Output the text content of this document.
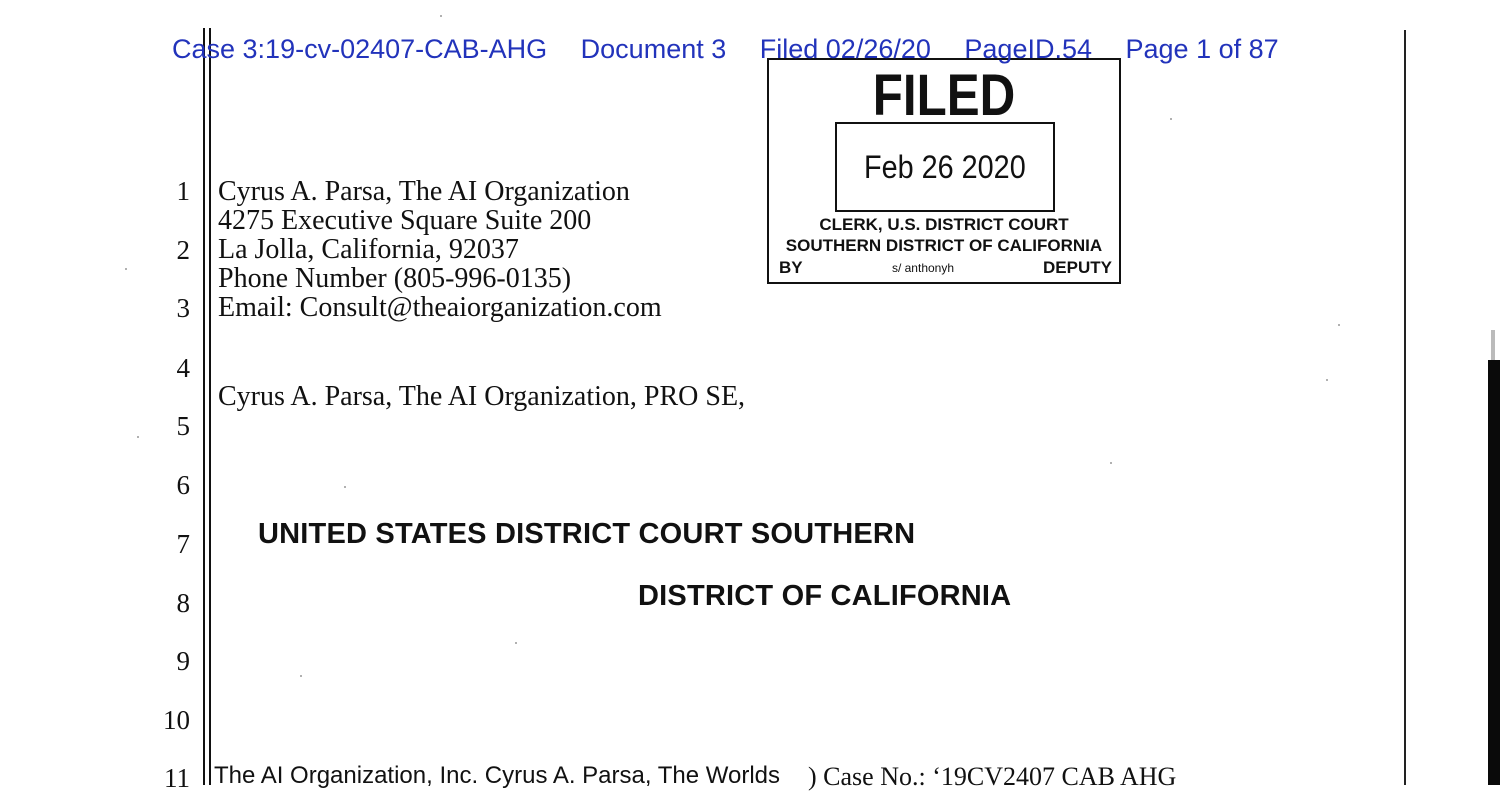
Case 3:19-cv-02407-CAB-AHG Document 3 Filed 02/26/20 PageID.54 Page 1 of 87
FILED
Feb 26 2020
CLERK, U.S. DISTRICT COURT
SOUTHERN DISTRICT OF CALIFORNIA
BY	s/ anthonyh	DEPUTY
1
2
3
4
5
6
7
8
9
10
11
Cyrus A. Parsa, The AI Organization
4275 Executive Square Suite 200
La Jolla, California, 92037
Phone Number (805-996-0135)
Email: Consult@theaiorganization.com
Cyrus A. Parsa, The AI Organization, PRO SE,
UNITED STATES DISTRICT COURT SOUTHERN
DISTRICT OF CALIFORNIA
The AI Organization, Inc. Cyrus A. Parsa, The Worlds ) Case No.: ‘19CV2407 CAB AHG
